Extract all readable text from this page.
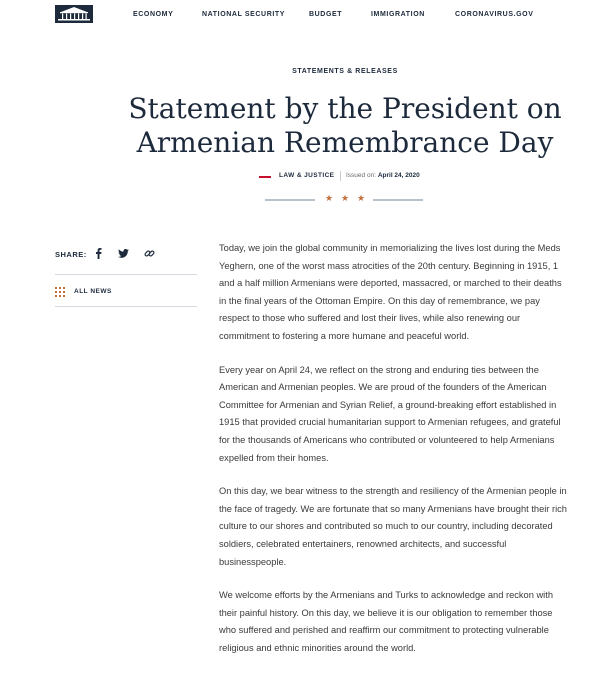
ECONOMY	NATIONAL SECURITY	BUDGET	IMMIGRATION	CORONAVIRUS.GOV
STATEMENTS & RELEASES
Statement by the President on
Armenian Remembrance Day
LAW & JUSTICE Issued on: April 24, 2020
★ ★ ★
SHARE:
ALL NEWS

Today, we join the global community in memorializing the lives lost during the Meds Yeghern, one of the worst mass atrocities of the 20th century. Beginning in 1915, 1 and a half million Armenians were deported, massacred, or marched to their deaths in the final years of the Ottoman Empire. On this day of remembrance, we pay respect to those who suffered and lost their lives, while also renewing our commitment to fostering a more humane and peaceful world.

Every year on April 24, we reflect on the strong and enduring ties between the American and Armenian peoples. We are proud of the founders of the American Committee for Armenian and Syrian Relief, a ground-breaking effort established in 1915 that provided crucial humanitarian support to Armenian refugees, and grateful for the thousands of Americans who contributed or volunteered to help Armenians expelled from their homes.

On this day, we bear witness to the strength and resiliency of the Armenian people in the face of tragedy. We are fortunate that so many Armenians have brought their rich culture to our shores and contributed so much to our country, including decorated soldiers, celebrated entertainers, renowned architects, and successful businesspeople.

We welcome efforts by the Armenians and Turks to acknowledge and reckon with their painful history. On this day, we believe it is our obligation to remember those who suffered and perished and reaffirm our commitment to protecting vulnerable religious and ethnic minorities around the world.
